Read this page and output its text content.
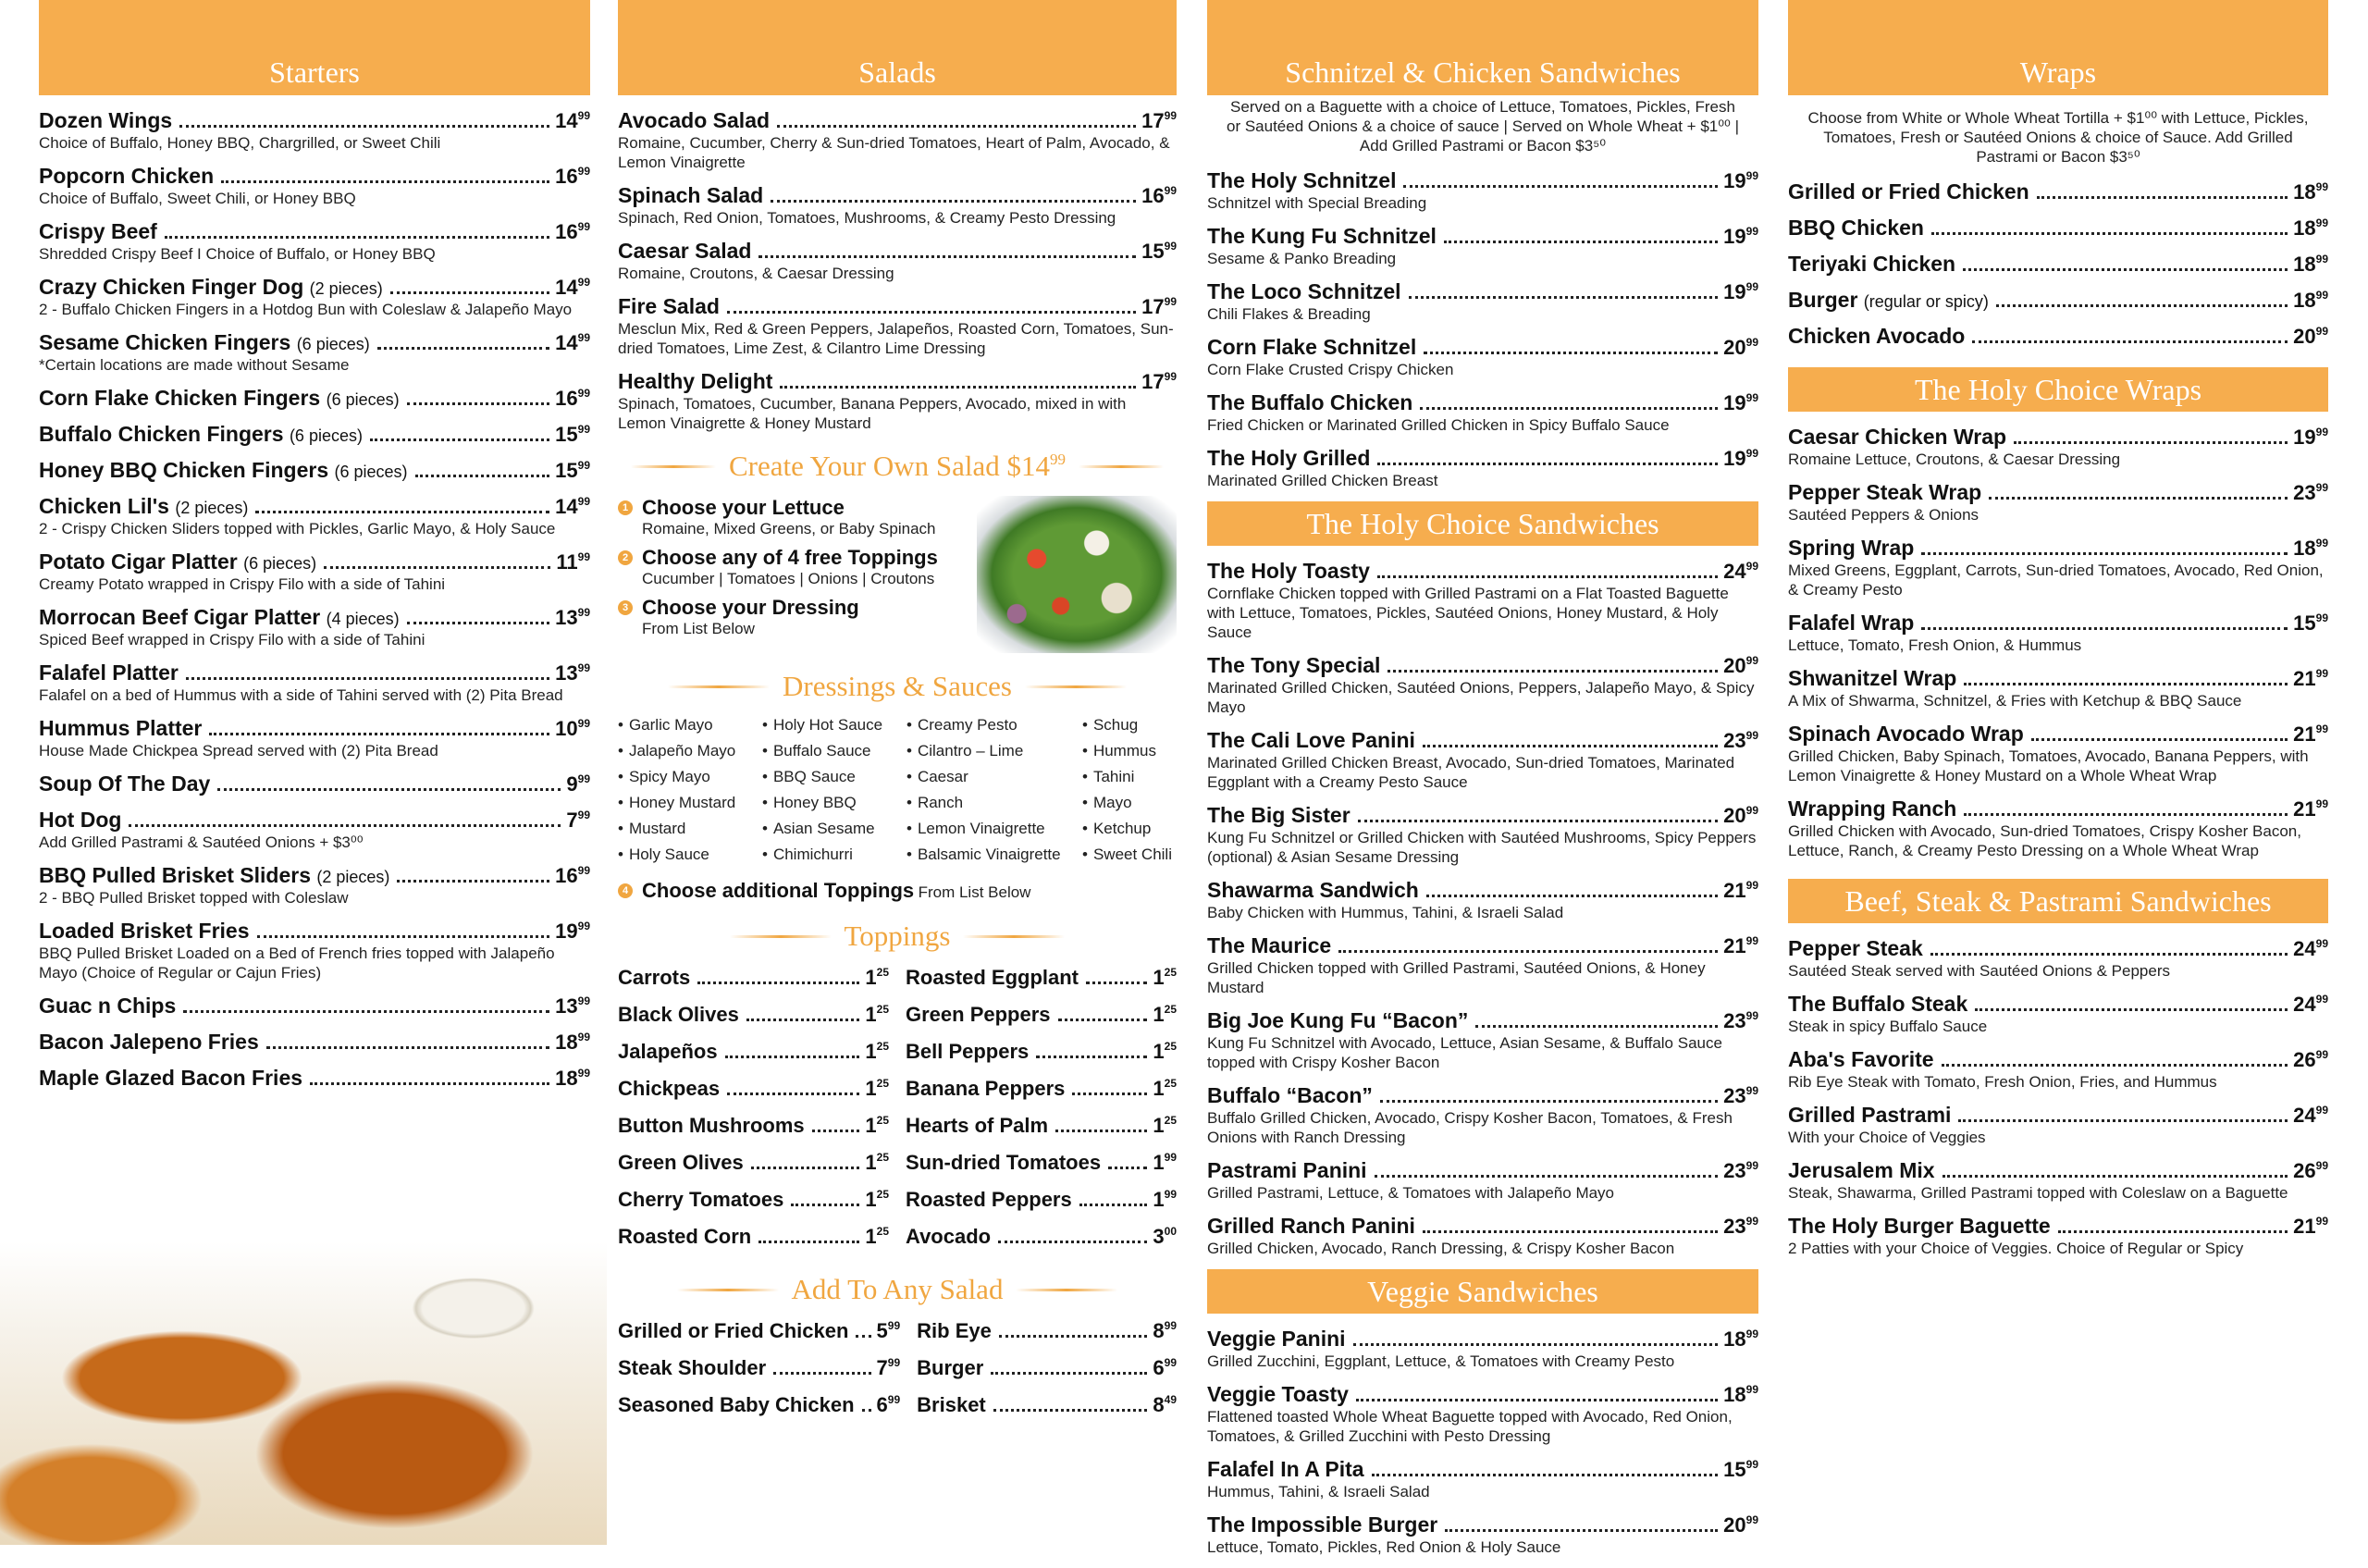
Starters
Dozen Wings	$14^{99}$
Choice of Buffalo, Honey BBQ, Chargrilled, or Sweet Chili
Popcorn Chicken	$16^{99}$
Choice of Buffalo, Sweet Chili, or Honey BBQ
Crispy Beef	$16^{99}$
Shredded Crispy Beef I Choice of Buffalo, or Honey BBQ
Crazy Chicken Finger Dog (2 pieces)	$14^{99}$
2 - Buffalo Chicken Fingers in a Hotdog Bun with Coleslaw & Jalapeño Mayo
Sesame Chicken Fingers (6 pieces)	$14^{99}$
*Certain locations are made without Sesame
Corn Flake Chicken Fingers (6 pieces)	$16^{99}$
Buffalo Chicken Fingers (6 pieces)	$15^{99}$
Honey BBQ Chicken Fingers (6 pieces)	$15^{99}$
Chicken Lil's (2 pieces)	$14^{99}$
2 - Crispy Chicken Sliders topped with Pickles, Garlic Mayo, & Holy Sauce
Potato Cigar Platter (6 pieces)	$11^{99}$
Creamy Potato wrapped in Crispy Filo with a side of Tahini
Morrocan Beef Cigar Platter (4 pieces)	$13^{99}$
Spiced Beef wrapped in Crispy Filo with a side of Tahini
Falafel Platter	$13^{99}$
Falafel on a bed of Hummus with a side of Tahini served with (2) Pita Bread
Hummus Platter	$10^{99}$
House Made Chickpea Spread served with (2) Pita Bread
Soup Of The Day	$9^{99}$
Hot Dog	$7^{99}$
Add Grilled Pastrami & Sautéed Onions + $3⁰⁰
BBQ Pulled Brisket Sliders (2 pieces)	$16^{99}$
2 - BBQ Pulled Brisket topped with Coleslaw
Loaded Brisket Fries	$19^{99}$
BBQ Pulled Brisket Loaded on a Bed of French fries topped with Jalapeño Mayo (Choice of Regular or Cajun Fries)
Guac n Chips	$13^{99}$
Bacon Jalepeno Fries	$18^{99}$
Maple Glazed Bacon Fries	$18^{99}$
Salads
Avocado Salad	$17^{99}$
Romaine, Cucumber, Cherry & Sun-dried Tomatoes, Heart of Palm, Avocado, & Lemon Vinaigrette
Spinach Salad	$16^{99}$
Spinach, Red Onion, Tomatoes, Mushrooms, & Creamy Pesto Dressing
Caesar Salad	$15^{99}$
Romaine, Croutons, & Caesar Dressing
Fire Salad	$17^{99}$
Mesclun Mix, Red & Green Peppers, Jalapeños, Roasted Corn, Tomatoes, Sun-dried Tomatoes, Lime Zest, & Cilantro Lime Dressing
Healthy Delight	$17^{99}$
Spinach, Tomatoes, Cucumber, Banana Peppers, Avocado, mixed in with Lemon Vinaigrette & Honey Mustard
Create Your Own Salad
$\$14^{99}$
1 Choose your Lettuce
Romaine, Mixed Greens, or Baby Spinach
2 Choose any of 4 free Toppings
Cucumber | Tomatoes | Onions | Croutons
3 Choose your Dressing
From List Below
Dressings & Sauces
• Garlic Mayo	• Holy Hot Sauce	• Creamy Pesto	• Schug
• Jalapeño Mayo	• Buffalo Sauce	• Cilantro – Lime	• Hummus
• Spicy Mayo	• BBQ Sauce	• Caesar	• Tahini
• Honey Mustard	• Honey BBQ	• Ranch	• Mayo
• Mustard	• Asian Sesame	• Lemon Vinaigrette	• Ketchup
• Holy Sauce	• Chimichurri	• Balsamic Vinaigrette	• Sweet Chili
4 Choose additional Toppings
From List Below
Toppings
Carrots	$1^{25}$ Roasted Eggplant	$1^{25}$
Black Olives	$1^{25}$ Green Peppers	$1^{25}$
Jalapeños	$1^{25}$ Bell Peppers	$1^{25}$
Chickpeas	$1^{25}$ Banana Peppers	$1^{25}$
Button Mushrooms	$1^{25}$ Hearts of Palm	$1^{25}$
Green Olives	$1^{25}$ Sun-dried Tomatoes	$1^{99}$
Cherry Tomatoes	$1^{25}$ Roasted Peppers	$1^{99}$
Roasted Corn	$1^{25}$ Avocado	$3^{00}$
Add To Any Salad
Grilled or Fried Chicken $5^{99}$ Rib Eye	$8^{99}$
Steak Shoulder	$7^{99}$ Burger	$6^{99}$
Seasoned Baby Chicken $6^{99}$ Brisket	$8^{49}$
Schnitzel & Chicken Sandwiches
Served on a Baguette with a choice of Lettuce, Tomatoes, Pickles, Fresh or Sautéed Onions & a choice of sauce | Served on Whole Wheat + $1⁰⁰ | Add Grilled Pastrami or Bacon $3⁵⁰
The Holy Schnitzel	$19^{99}$
Schnitzel with Special Breading
The Kung Fu Schnitzel	$19^{99}$
Sesame & Panko Breading
The Loco Schnitzel	$19^{99}$
Chili Flakes & Breading
Corn Flake Schnitzel	$20^{99}$
Corn Flake Crusted Crispy Chicken
The Buffalo Chicken	$19^{99}$
Fried Chicken or Marinated Grilled Chicken in Spicy Buffalo Sauce
The Holy Grilled	$19^{99}$
Marinated Grilled Chicken Breast
The Holy Choice Sandwiches
The Holy Toasty	$24^{99}$
Cornflake Chicken topped with Grilled Pastrami on a Flat Toasted Baguette with Lettuce, Tomatoes, Pickles, Sautéed Onions, Honey Mustard, & Holy Sauce
The Tony Special	$20^{99}$
Marinated Grilled Chicken, Sautéed Onions, Peppers, Jalapeño Mayo, & Spicy Mayo
The Cali Love Panini	$23^{99}$
Marinated Grilled Chicken Breast, Avocado, Sun-dried Tomatoes, Marinated Eggplant with a Creamy Pesto Sauce
The Big Sister	$20^{99}$
Kung Fu Schnitzel or Grilled Chicken with Sautéed Mushrooms, Spicy Peppers (optional) & Asian Sesame Dressing
Shawarma Sandwich	$21^{99}$
Baby Chicken with Hummus, Tahini, & Israeli Salad
The Maurice	$21^{99}$
Grilled Chicken topped with Grilled Pastrami, Sautéed Onions, & Honey Mustard
Big Joe Kung Fu “Bacon”	$23^{99}$
Kung Fu Schnitzel with Avocado, Lettuce, Asian Sesame, & Buffalo Sauce topped with Crispy Kosher Bacon
Buffalo “Bacon”	$23^{99}$
Buffalo Grilled Chicken, Avocado, Crispy Kosher Bacon, Tomatoes, & Fresh Onions with Ranch Dressing
Pastrami Panini	$23^{99}$
Grilled Pastrami, Lettuce, & Tomatoes with Jalapeño Mayo
Grilled Ranch Panini	$23^{99}$
Grilled Chicken, Avocado, Ranch Dressing, & Crispy Kosher Bacon
Veggie Sandwiches
Veggie Panini	$18^{99}$
Grilled Zucchini, Eggplant, Lettuce, & Tomatoes with Creamy Pesto
Veggie Toasty	$18^{99}$
Flattened toasted Whole Wheat Baguette topped with Avocado, Red Onion, Tomatoes, & Grilled Zucchini with Pesto Dressing
Falafel In A Pita	$15^{99}$
Hummus, Tahini, & Israeli Salad
The Impossible Burger	$20^{99}$
Lettuce, Tomato, Pickles, Red Onion & Holy Sauce
Wraps
Choose from White or Whole Wheat Tortilla + $1⁰⁰ with Lettuce, Pickles, Tomatoes, Fresh or Sautéed Onions & choice of Sauce. Add Grilled Pastrami or Bacon $3⁵⁰
Grilled or Fried Chicken	$18^{99}$
BBQ Chicken	$18^{99}$
Teriyaki Chicken	$18^{99}$
Burger (regular or spicy)	$18^{99}$
Chicken Avocado	$20^{99}$
The Holy Choice Wraps
Caesar Chicken Wrap	$19^{99}$
Romaine Lettuce, Croutons, & Caesar Dressing
Pepper Steak Wrap	$23^{99}$
Sautéed Peppers & Onions
Spring Wrap	$18^{99}$
Mixed Greens, Eggplant, Carrots, Sun-dried Tomatoes, Avocado, Red Onion, & Creamy Pesto
Falafel Wrap	$15^{99}$
Lettuce, Tomato, Fresh Onion, & Hummus
Shwanitzel Wrap	$21^{99}$
A Mix of Shwarma, Schnitzel, & Fries with Ketchup & BBQ Sauce
Spinach Avocado Wrap	$21^{99}$
Grilled Chicken, Baby Spinach, Tomatoes, Avocado, Banana Peppers, with Lemon Vinaigrette & Honey Mustard on a Whole Wheat Wrap
Wrapping Ranch	$21^{99}$
Grilled Chicken with Avocado, Sun-dried Tomatoes, Crispy Kosher Bacon, Lettuce, Ranch, & Creamy Pesto Dressing on a Whole Wheat Wrap
Beef, Steak & Pastrami Sandwiches
Pepper Steak	$24^{99}$
Sautéed Steak served with Sautéed Onions & Peppers
The Buffalo Steak	$24^{99}$
Steak in spicy Buffalo Sauce
Aba's Favorite	$26^{99}$
Rib Eye Steak with Tomato, Fresh Onion, Fries, and Hummus
Grilled Pastrami	$24^{99}$
With your Choice of Veggies
Jerusalem Mix	$26^{99}$
Steak, Shawarma, Grilled Pastrami topped with Coleslaw on a Baguette
The Holy Burger Baguette	$21^{99}$
2 Patties with your Choice of Veggies. Choice of Regular or Spicy
